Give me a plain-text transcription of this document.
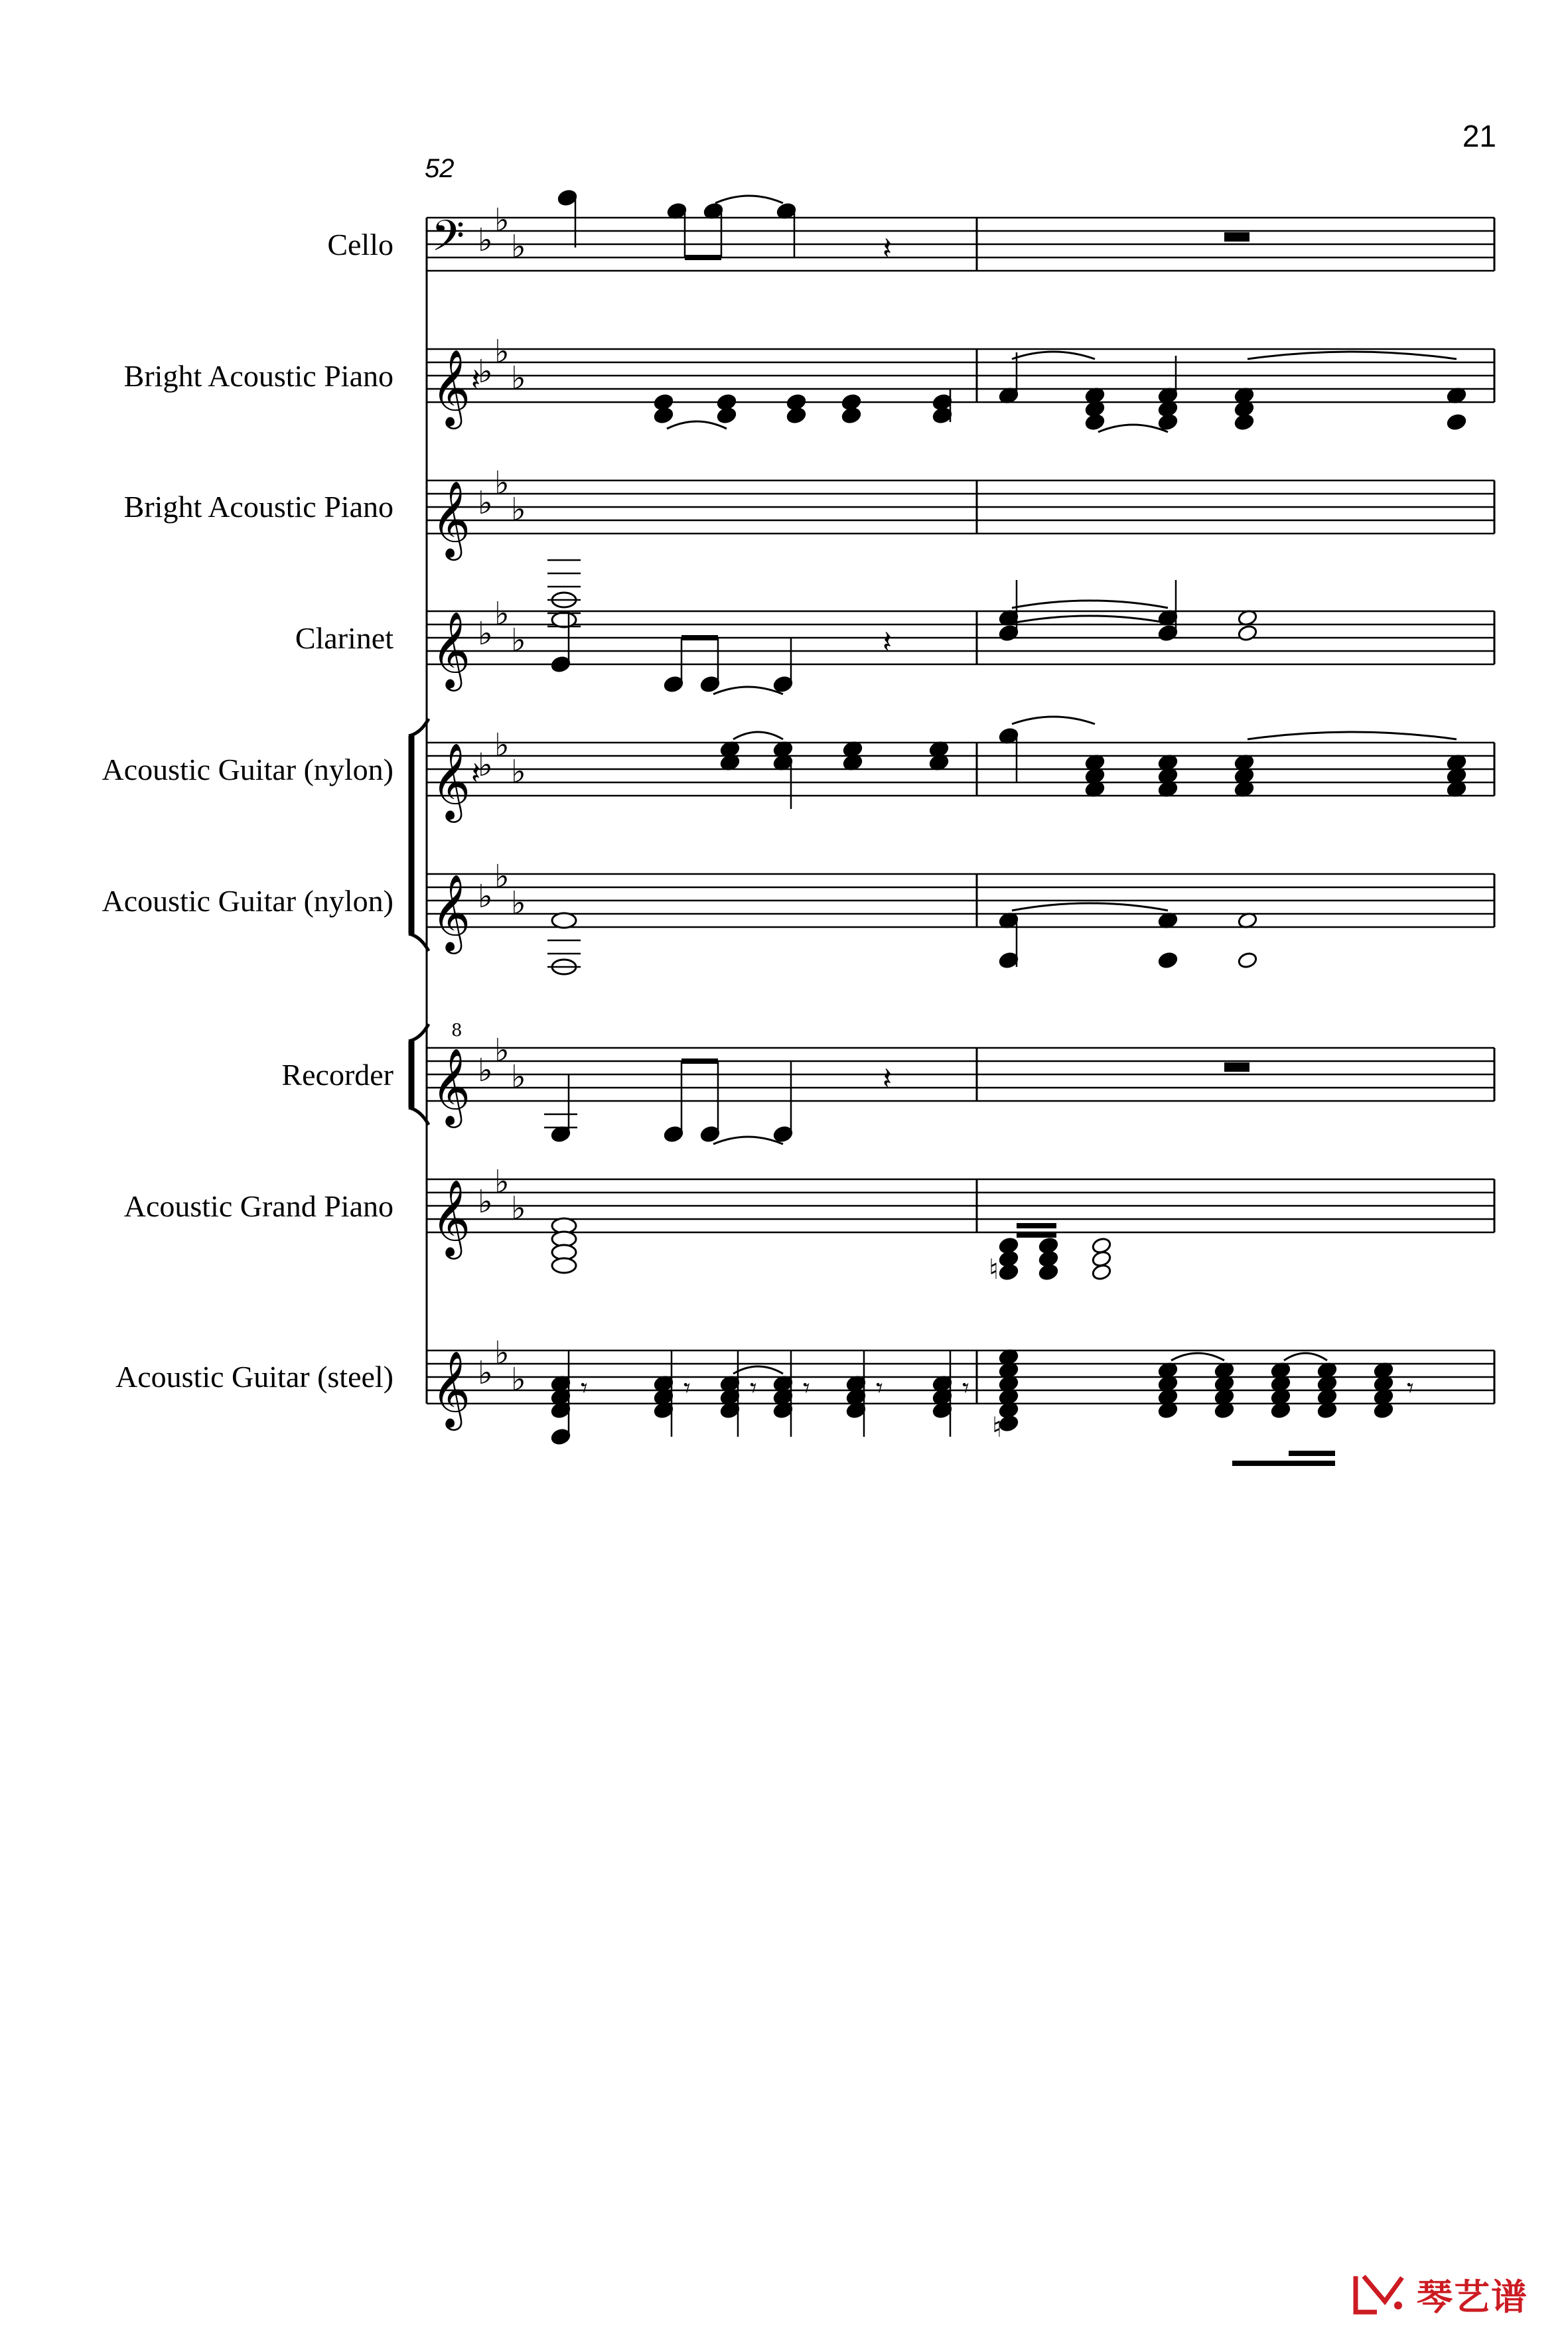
21
52
Cello
Bright Acoustic Piano
Bright Acoustic Piano
Clarinet
Acoustic Guitar (nylon)
Acoustic Guitar (nylon)
Recorder
Acoustic Grand Piano
Acoustic Guitar (steel)
𝄢 ♭
♭
♭
𝄞 ♭
♭
♭
𝄞 ♭
♭
♭
𝄞 ♭
♭
♭
𝄞 ♭
♭
♭
𝄞 ♭
♭
♭
𝄞
8
♭
♭
♭
𝄞 ♭
♭
♭
𝄞 ♭
♭
♭
𝄽
𝄽
𝄽
𝄽
𝄽
♮
𝄾	𝄾 𝄾 𝄾 𝄾	𝄾
♮
𝄾
琴艺谱
